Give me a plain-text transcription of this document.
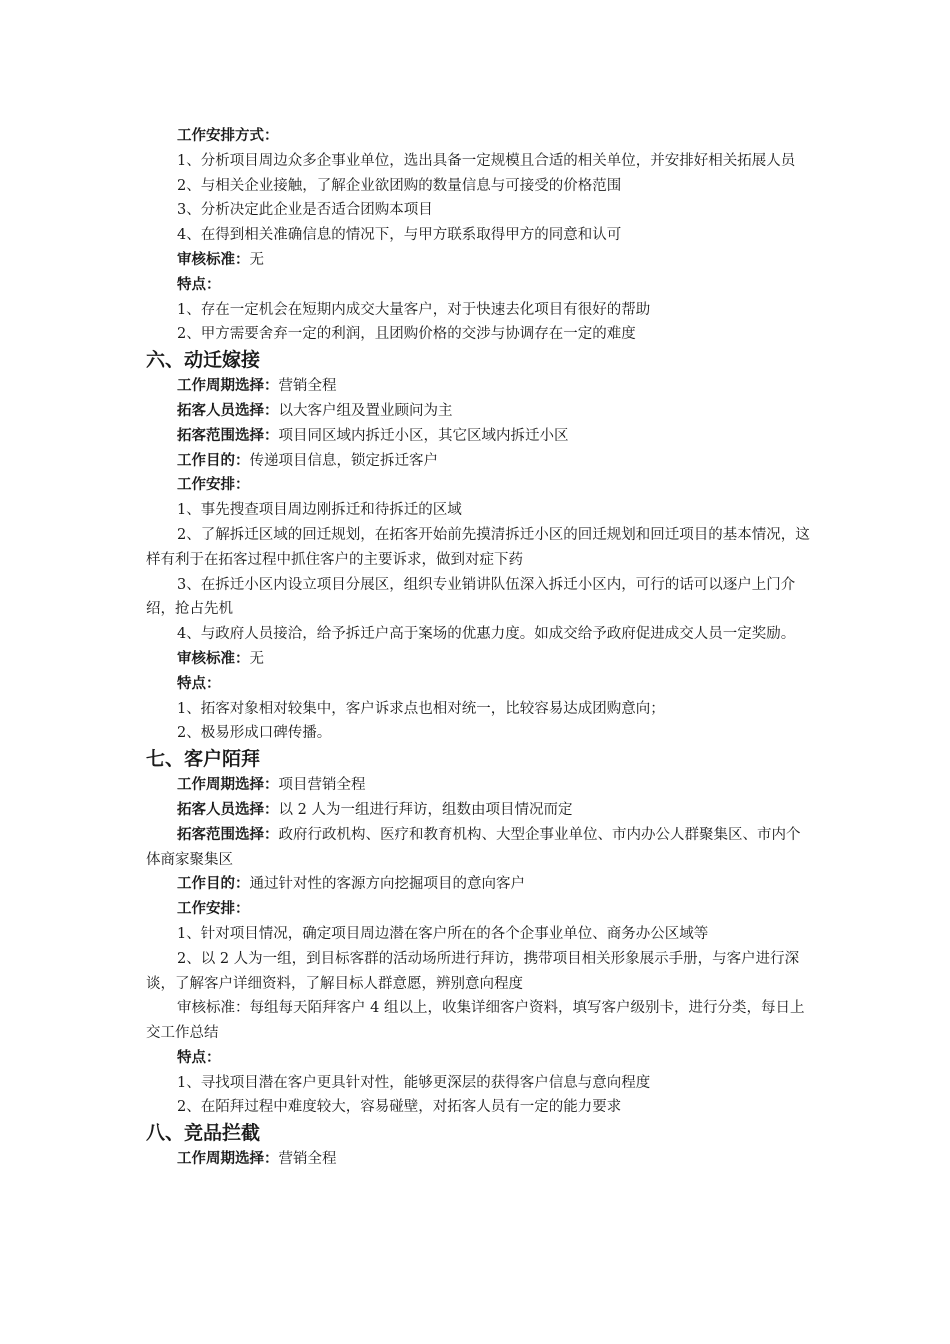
工作安排方式：

1、分析项目周边众多企事业单位，选出具备一定规模且合适的相关单位，并安排好相关拓展人员

2、与相关企业接触，了解企业欲团购的数量信息与可接受的价格范围

3、分析决定此企业是否适合团购本项目

4、在得到相关准确信息的情况下，与甲方联系取得甲方的同意和认可

审核标准：无

特点：

1、存在一定机会在短期内成交大量客户，对于快速去化项目有很好的帮助

2、甲方需要舍弃一定的利润，且团购价格的交涉与协调存在一定的难度

六、动迁嫁接

工作周期选择：营销全程

拓客人员选择：以大客户组及置业顾问为主

拓客范围选择：项目同区域内拆迁小区，其它区域内拆迁小区

工作目的：传递项目信息，锁定拆迁客户

工作安排：

1、事先搜查项目周边刚拆迁和待拆迁的区域

2、了解拆迁区域的回迁规划，在拓客开始前先摸清拆迁小区的回迁规划和回迁项目的基本情况，这样有利于在拓客过程中抓住客户的主要诉求，做到对症下药

3、在拆迁小区内设立项目分展区，组织专业销讲队伍深入拆迁小区内，可行的话可以逐户上门介绍，抢占先机

4、与政府人员接洽，给予拆迁户高于案场的优惠力度。如成交给予政府促进成交人员一定奖励。

审核标准：无

特点：

1、拓客对象相对较集中，客户诉求点也相对统一，比较容易达成团购意向；

2、极易形成口碑传播。

七、客户陌拜

工作周期选择：项目营销全程

拓客人员选择：以 2 人为一组进行拜访，组数由项目情况而定

拓客范围选择：政府行政机构、医疗和教育机构、大型企事业单位、市内办公人群聚集区、市内个体商家聚集区

工作目的：通过针对性的客源方向挖掘项目的意向客户

工作安排：

1、针对项目情况，确定项目周边潜在客户所在的各个企事业单位、商务办公区域等

2、以 2 人为一组，到目标客群的活动场所进行拜访，携带项目相关形象展示手册，与客户进行深谈，了解客户详细资料，了解目标人群意愿，辨别意向程度

审核标准：每组每天陌拜客户 4 组以上，收集详细客户资料，填写客户级别卡，进行分类，每日上交工作总结

特点：

1、寻找项目潜在客户更具针对性，能够更深层的获得客户信息与意向程度

2、在陌拜过程中难度较大，容易碰壁，对拓客人员有一定的能力要求

八、竞品拦截

工作周期选择：营销全程
